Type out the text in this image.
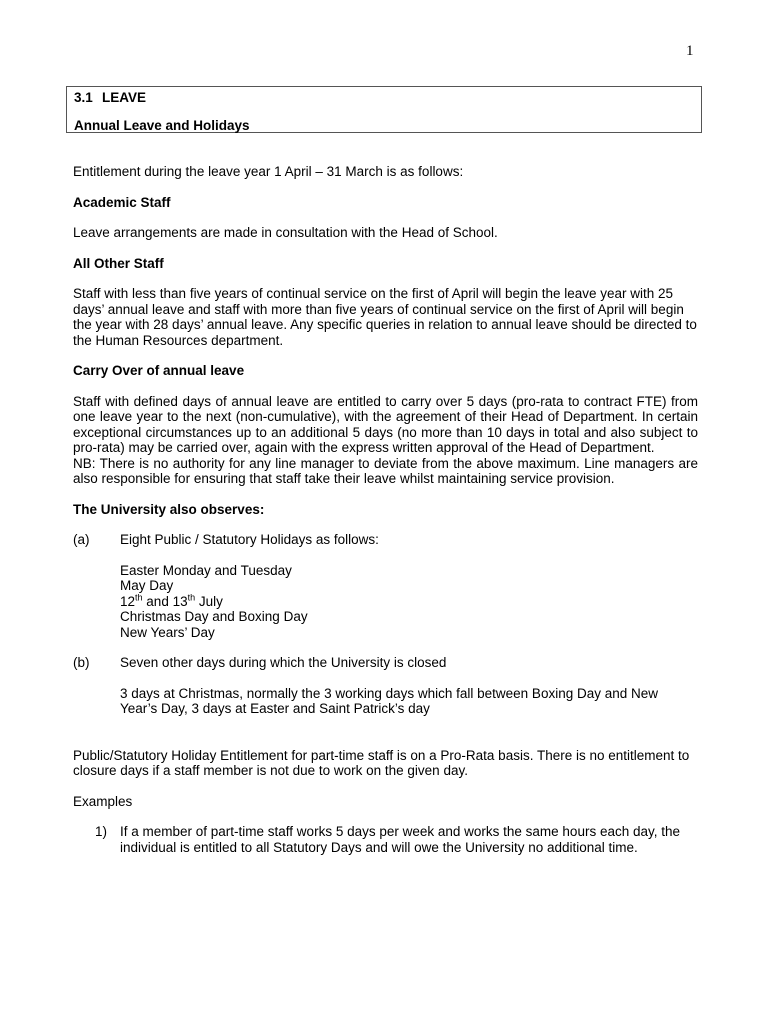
1
3.1 LEAVE
Annual Leave and Holidays

Entitlement during the leave year 1 April – 31 March is as follows:

Academic Staff

Leave arrangements are made in consultation with the Head of School.

All Other Staff

Staff with less than five years of continual service on the first of April will begin the leave year with 25 days’ annual leave and staff with more than five years of continual service on the first of April will begin the year with 28 days’ annual leave. Any specific queries in relation to annual leave should be directed to the Human Resources department.

Carry Over of annual leave

Staff with defined days of annual leave are entitled to carry over 5 days (pro-rata to contract FTE) from one leave year to the next (non-cumulative), with the agreement of their Head of Department. In certain exceptional circumstances up to an additional 5 days (no more than 10 days in total and also subject to pro-rata) may be carried over, again with the express written approval of the Head of Department.

NB: There is no authority for any line manager to deviate from the above maximum. Line managers are also responsible for ensuring that staff take their leave whilst maintaining service provision.

The University also observes:

(a)	Eight Public / Statutory Holidays as follows:
Easter Monday and Tuesday
May Day
12th and 13th July
Christmas Day and Boxing Day
New Years’ Day
(b)	Seven other days during which the University is closed
3 days at Christmas, normally the 3 working days which fall between Boxing Day and New Year’s Day, 3 days at Easter and Saint Patrick’s day

Public/Statutory Holiday Entitlement for part-time staff is on a Pro-Rata basis. There is no entitlement to closure days if a staff member is not due to work on the given day.

Examples

1) If a member of part-time staff works 5 days per week and works the same hours each day, the individual is entitled to all Statutory Days and will owe the University no additional time.
